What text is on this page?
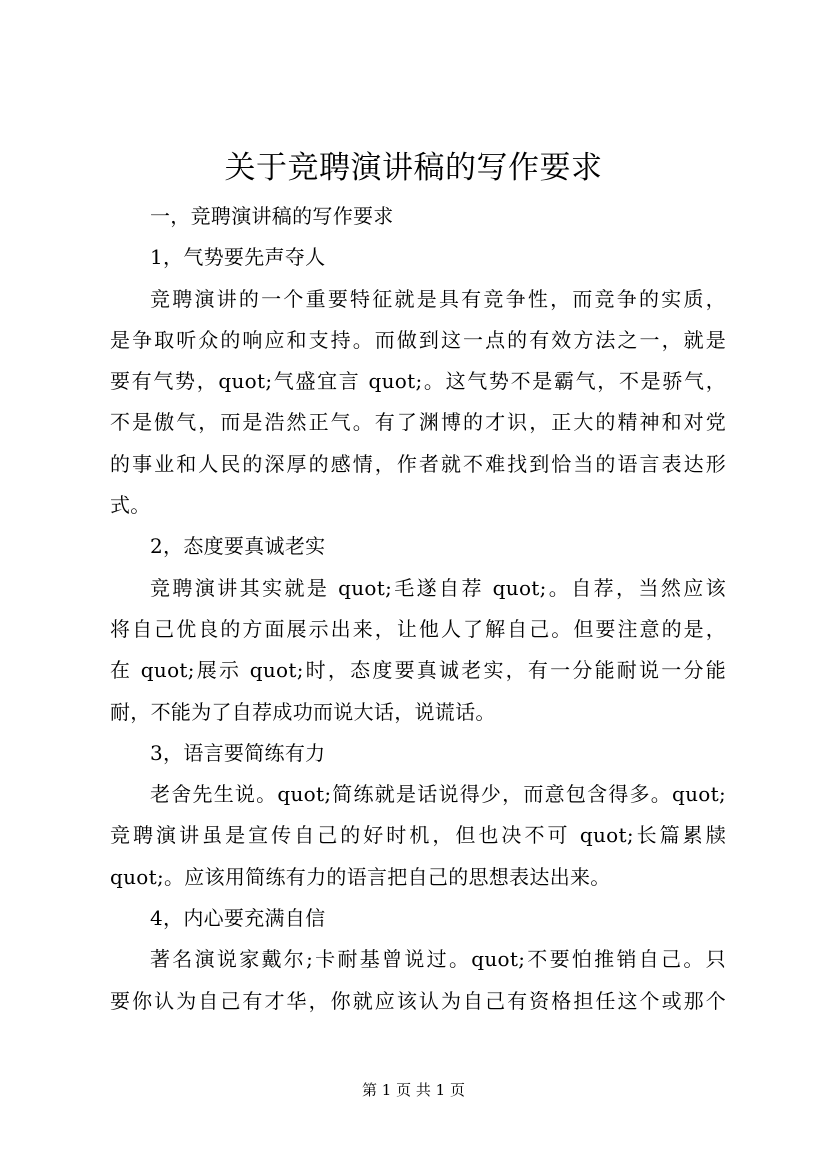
关于竞聘演讲稿的写作要求
一，竞聘演讲稿的写作要求
1，气势要先声夺人
竞聘演讲的一个重要特征就是具有竞争性，而竞争的实质，
是争取听众的响应和支持。而做到这一点的有效方法之一，就是
要有气势，quot;气盛宜言 quot;。这气势不是霸气，不是骄气，
不是傲气，而是浩然正气。有了渊博的才识，正大的精神和对党
的事业和人民的深厚的感情，作者就不难找到恰当的语言表达形
式。
2，态度要真诚老实
竞聘演讲其实就是 quot;毛遂自荐 quot;。自荐，当然应该
将自己优良的方面展示出来，让他人了解自己。但要注意的是，
在 quot;展示 quot;时，态度要真诚老实，有一分能耐说一分能
耐，不能为了自荐成功而说大话，说谎话。
3，语言要简练有力
老舍先生说。quot;简练就是话说得少，而意包含得多。quot;
竞聘演讲虽是宣传自己的好时机，但也决不可 quot;长篇累牍
quot;。应该用简练有力的语言把自己的思想表达出来。
4，内心要充满自信
著名演说家戴尔;卡耐基曾说过。quot;不要怕推销自己。只
要你认为自己有才华，你就应该认为自己有资格担任这个或那个
第 1 页 共 1 页
